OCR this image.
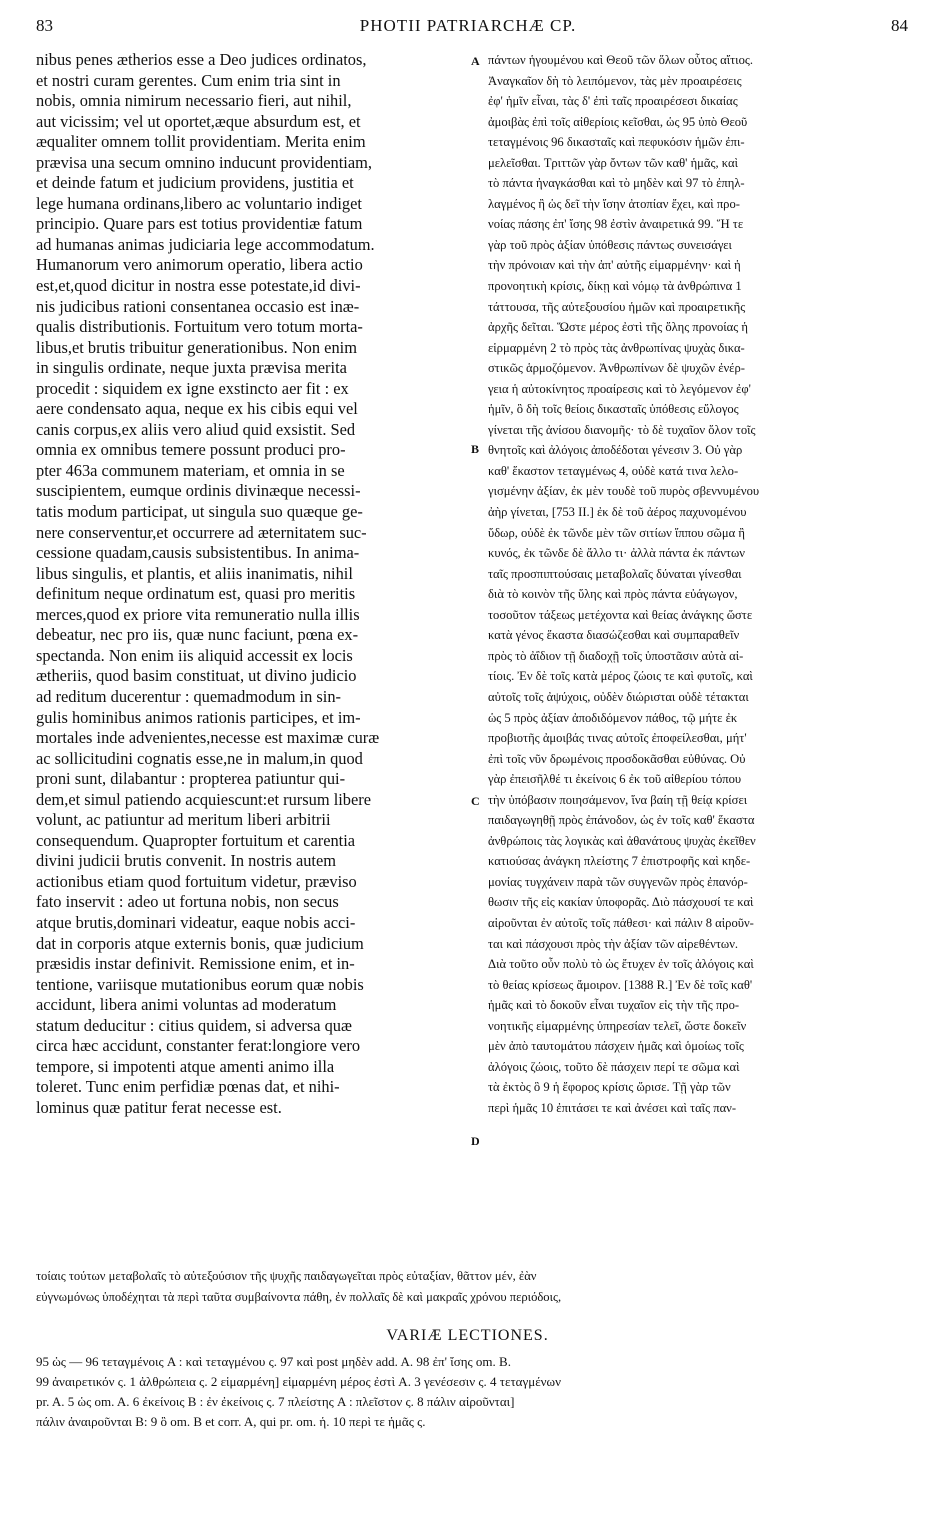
83	PHOTII PATRIARCHÆ CP.	84
nibus penes ætherios esse a Deo judices ordinatos,
et nostri curam gerentes. Cum enim tria sint in
nobis, omnia nimirum necessario fieri, aut nihil,
aut vicissim; vel ut oportet,æque absurdum est, et
æqualiter omnem tollit providentiam. Merita enim
prævisa una secum omnino inducunt providentiam,
et deinde fatum et judicium providens, justitia et
lege humana ordinans,libero ac voluntario indiget
principio. Quare pars est totius providentiæ fatum
ad humanas animas judiciaria lege accommodatum.
Humanorum vero animorum operatio, libera actio
est,et,quod dicitur in nostra esse potestate,id divi-
nis judicibus rationi consentanea occasio est inæ-
qualis distributionis. Fortuitum vero totum morta-
libus,et brutis tribuitur generationibus. Non enim
in singulis ordinate, neque juxta prævisa merita
procedit : siquidem ex igne exstincto aer fit : ex
aere condensato aqua, neque ex his cibis equi vel
canis corpus,ex aliis vero aliud quid exsistit. Sed
omnia ex omnibus temere possunt produci pro-
pter 463a communem materiam, et omnia in se
suscipientem, eumque ordinis divinæque necessi-
tatis modum participat, ut singula suo quæque ge-
nere conserventur,et occurrere ad æternitatem suc-
cessione quadam,causis subsistentibus. In anima-
libus singulis, et plantis, et aliis inanimatis, nihil
definitum neque ordinatum est, quasi pro meritis
merces,quod ex priore vita remuneratio nulla illis
debeatur, nec pro iis, quæ nunc faciunt, pœna ex-
spectanda. Non enim iis aliquid accessit ex locis
ætheriis, quod basim constituat, ut divino judicio
ad reditum ducerentur : quemadmodum in sin-
gulis hominibus animos rationis participes, et im-
mortales inde advenientes,necesse est maximæ curæ
ac sollicitudini cognatis esse,ne in malum,in quod
proni sunt, dilabantur : propterea patiuntur qui-
dem,et simul patiendo acquiescunt:et rursum libere
volunt, ac patiuntur ad meritum liberi arbitrii
consequendum. Quapropter fortuitum et carentia
divini judicii brutis convenit. In nostris autem
actionibus etiam quod fortuitum videtur, præviso
fato inservit : adeo ut fortuna nobis, non secus
atque brutis,dominari videatur, eaque nobis acci-
dat in corporis atque externis bonis, quæ judicium
præsidis instar definivit. Remissione enim, et in-
tentione, variisque mutationibus eorum quæ nobis
accidunt, libera animi voluntas ad moderatum
statum deducitur : citius quidem, si adversa quæ
circa hæc accidunt, constanter ferat:longiore vero
tempore, si impotenti atque amenti animo illa
toleret. Tunc enim perfidiæ pœnas dat, et nihi-
lominus quæ patitur ferat necesse est.
πάντων ἡγουμένου καὶ Θεοῦ τῶν ὅλων οὗτος αἴτιος.
Ἀναγκαῖον δὴ τὸ λειπόμενον, τὰς μὲν προαιρέσεις
ἐφ' ἡμῖν εἶναι, τὰς δ' ἐπὶ ταῖς προαιρέσεσι δικαίας
ἀμοιβὰς ἐπὶ τοῖς αἰθερίοις κεῖσθαι, ὡς 95 ὑπὸ Θεοῦ
τεταγμένοις 96 δικασταῖς καὶ πεφυκόσιν ἡμῶν ἐπι-
μελεῖσθαι. Τριττῶν γὰρ ὄντων τῶν καθ' ἡμᾶς, καὶ
τὸ πάντα ἠναγκάσθαι καὶ τὸ μηδὲν καὶ 97 τὸ ἐπηλ-
λαγμένος ἢ ὡς δεῖ τὴν ἴσην ἀτοπίαν ἔχει, καὶ προ-
νοίας πάσης ἐπ' ἴσης 98 ἐστὶν ἀναιρετικά 99. Ἥ τε
γὰρ τοῦ πρὸς ἀξίαν ὑπόθεσις πάντως συνεισάγει
τὴν πρόνοιαν καὶ τὴν ἀπ' αὐτῆς εἱμαρμένην· καὶ ἡ
προνοητικὴ κρίσις, δίκῃ καὶ νόμῳ τὰ ἀνθρώπινα 1
τάττουσα, τῆς αὐτεξουσίου ἡμῶν καὶ προαιρετικῆς
ἀρχῆς δεῖται. Ὥστε μέρος ἐστὶ τῆς ὅλης προνοίας ἡ
εἱρμαρμένη 2 τὸ πρὸς τὰς ἀνθρωπίνας ψυχὰς δικα-
στικῶς ἁρμοζόμενον. Ἀνθρωπίνων δὲ ψυχῶν ἐνέρ-
γεια ἡ αὐτοκίνητος προαίρεσις καὶ τὸ λεγόμενον ἐφ'
ἡμῖν, ὃ δὴ τοῖς θείοις δικασταῖς ὑπόθεσις εὔλογος
γίνεται τῆς ἀνίσου διανομῆς· τὸ δὲ τυχαῖον ὅλον τοῖς
θνητοῖς καὶ ἀλόγοις ἀποδέδοται γένεσιν 3. Οὐ γὰρ
καθ' ἕκαστον τεταγμένως 4, οὐδὲ κατά τινα λελο-
γισμένην ἀξίαν, ἐκ μὲν τουδὲ τοῦ πυρὸς σβεννυμένου
ἀὴρ γίνεται, [753 II.] ἐκ δὲ τοῦ ἀέρος παχυνομένου
ὕδωρ, οὐδὲ ἐκ τῶνδε μὲν τῶν σιτίων ἵππου σῶμα ἢ
κυνός, ἐκ τῶνδε δὲ ἄλλο τι· ἀλλὰ πάντα ἐκ πάντων
ταῖς προσπιπτούσαις μεταβολαῖς δύναται γίνεσθαι
διὰ τὸ κοινὸν τῆς ὕλης καὶ πρὸς πάντα εὐάγωγον,
τοσοῦτον τάξεως μετέχοντα καὶ θείας ἀνάγκης ὥστε
κατὰ γένος ἕκαστα διασώζεσθαι καὶ συμπαραθεῖν
πρὸς τὸ ἀΐδιον τῇ διαδοχῇ τοῖς ὑποστᾶσιν αὐτὰ αἰ-
τίοις. Ἐν δὲ τοῖς κατὰ μέρος ζώοις τε καὶ φυτοῖς, καὶ
αὐτοῖς τοῖς ἀψύχοις, οὐδὲν διώρισται οὐδὲ τέτακται
ὡς 5 πρὸς ἀξίαν ἀποδιδόμενον πάθος, τῷ μήτε ἐκ
προβιοτῆς ἀμοιβάς τινας αὐτοῖς ἐποφείλεσθαι, μήτ'
ἐπὶ τοῖς νῦν δρωμένοις προσδοκᾶσθαι εὐθύνας. Οὐ
γὰρ ἐπεισῆλθέ τι ἐκείνοις 6 ἐκ τοῦ αἰθερίου τόπου
τὴν ὑπόβασιν ποιησάμενον, ἵνα βαίη τῇ θείᾳ κρίσει
παιδαγωγηθῇ πρὸς ἐπάνοδον, ὡς ἐν τοῖς καθ' ἕκαστα
ἀνθρώποις τὰς λογικὰς καὶ ἀθανάτους ψυχὰς ἐκεῖθεν
κατιούσας ἀνάγκη πλείστης 7 ἐπιστροφῆς καὶ κηδε-
μονίας τυγχάνειν παρὰ τῶν συγγενῶν πρὸς ἐπανόρ-
θωσιν τῆς εἰς κακίαν ὑποφορᾶς. Διὸ πάσχουσί τε καὶ
αἱροῦνται ἐν αὐτοῖς τοῖς πάθεσι· καὶ πάλιν 8 αἱροῦν-
ται καὶ πάσχουσι πρὸς τὴν ἀξίαν τῶν αἱρεθέντων.
Διὰ τοῦτο οὖν πολὺ τὸ ὡς ἔτυχεν ἐν τοῖς ἀλόγοις καὶ
τὸ θείας κρίσεως ἄμοιρον. [1388 R.] Ἐν δὲ τοῖς καθ'
ἡμᾶς καὶ τὸ δοκοῦν εἶναι τυχαῖον εἰς τὴν τῆς προ-
νοητικῆς εἱμαρμένης ὑπηρεσίαν τελεῖ, ὥστε δοκεῖν
μὲν ἀπὸ ταυτομάτου πάσχειν ἡμᾶς καὶ ὁμοίως τοῖς
ἀλόγοις ζώοις, τοῦτο δὲ πάσχειν περί τε σῶμα καὶ
τὰ ἐκτὸς ὃ 9 ἡ ἔφορος κρίσις ὥρισε. Τῇ γὰρ τῶν
περὶ ἡμᾶς 10 ἐπιτάσει τε καὶ ἀνέσει καὶ ταῖς παν-
A
B
C
D
τοίαις τούτων μεταβολαῖς τὸ αὐτεξούσιον τῆς ψυχῆς παιδαγωγεῖται πρὸς εὐταξίαν, θᾶττον μέν, ἐὰν
εὐγνωμόνως ὑποδέχηται τὰ περὶ ταῦτα συμβαίνοντα πάθη, ἐν πολλαῖς δὲ καὶ μακραῖς χρόνου περιόδοις,
VARIÆ LECTIONES.
95 ὡς — 96 τεταγμένοις A : καὶ τεταγμένου ς. 97 καὶ post μηδὲν add. A. 98 ἐπ' ἴσης om. B.
99 ἀναιρετικόν ς. 1 ἀλθρώπεια ς. 2 εἱμαρμένη] εἱμαρμένη μέρος ἐστὶ A. 3 γενέσεσιν ς. 4 τεταγμένων
pr. A. 5 ὡς om. A. 6 ἐκείνοις B : ἐν ἐκείνοις ς. 7 πλείστης A : πλεῖστον ς. 8 πάλιν αἱροῦνται]
πάλιν ἀναιροῦνται B: 9 ὃ om. B et corr. A, qui pr. om. ἡ. 10 περὶ τε ἡμᾶς ς.
